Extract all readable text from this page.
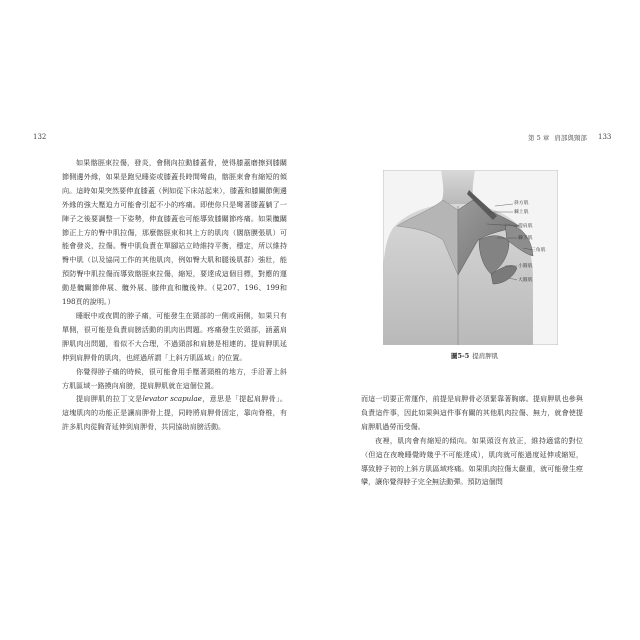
132	第 5 章 肩部與頸部	133

如果髂脛束拉傷，發炎，會側向拉動膝蓋骨，使得膝蓋磨擦到膝關節側邊外緣，如果是跑兒睡姿或膝蓋長時間彎曲，髂脛束會有縮短的傾向。這時如果突然要伸直膝蓋（例如從下床站起來），膝蓋和膝關節側邊外緣的強大壓迫力可能會引起不小的疼痛。即使你只是彎著膝蓋躺了一陣子之後要調整一下姿勢，伸直膝蓋也可能導致膝關節疼痛。如果髖關節正上方的臀中肌拉傷，那麼髂脛束和其上方的肌肉（闊筋膜張肌）可能會發炎，拉傷。臀中肌負責在單腳站立時維持平衡，穩定，所以維持臀中肌（以及協同工作的其他肌肉，例如臀大肌和腿後肌群）強壯，能預防臀中肌拉傷而導致髂脛束拉傷，縮短，要達成這個目標，對應的運動是髖關節伸展、髖外展、膝伸直和髖後伸。（見207、196、199和198頁的說明。）

睡眠中或夜間的脖子痛，可能發生在頸部的一側或兩側，如果只有單側，很可能是負責肩膀活動的肌肉出問題。疼痛發生於頸部，涵蓋肩胛肌肉出問題，看似不大合理，不過頸部和肩膀是相連的。提肩胛肌延伸到肩胛骨的肌肉，也經過所謂「上斜方肌區域」的位置。

你覺得脖子痛的時候，很可能會用手壓著頸椎的地方，手沿著上斜方肌區域一路摸向肩膀，提肩胛肌就在這個位置。

提肩胛肌的拉丁文是levator scapulae，意思是「提起肩胛骨」。這塊肌肉的功能正是讓肩胛骨上提，同時將肩胛骨固定，靠向脊椎，有許多肌肉從胸背延伸到肩胛骨，共同協助肩膀活動。

斜方肌
棘上肌
提肩肌
棘下肌
三角肌
小圓肌
大圓肌
圖5-5 提肩胛肌

而這一切要正常運作，前提是肩胛骨必須緊靠著胸廓。提肩胛肌也參與負責這件事，因此如果與這件事有關的其他肌肉拉傷、無力，就會使提肩胛肌過勞而受傷。

夜裡，肌肉會有縮短的傾向。如果頭沒有放正，維持適當的對位（但這在夜晚睡覺時幾乎不可能達成），肌肉就可能過度延伸或縮短，導致脖子初的上斜方肌區域疼痛。如果肌肉拉傷太嚴重，就可能發生痙攣，讓你覺得脖子完全無法動彈。預防這個問
